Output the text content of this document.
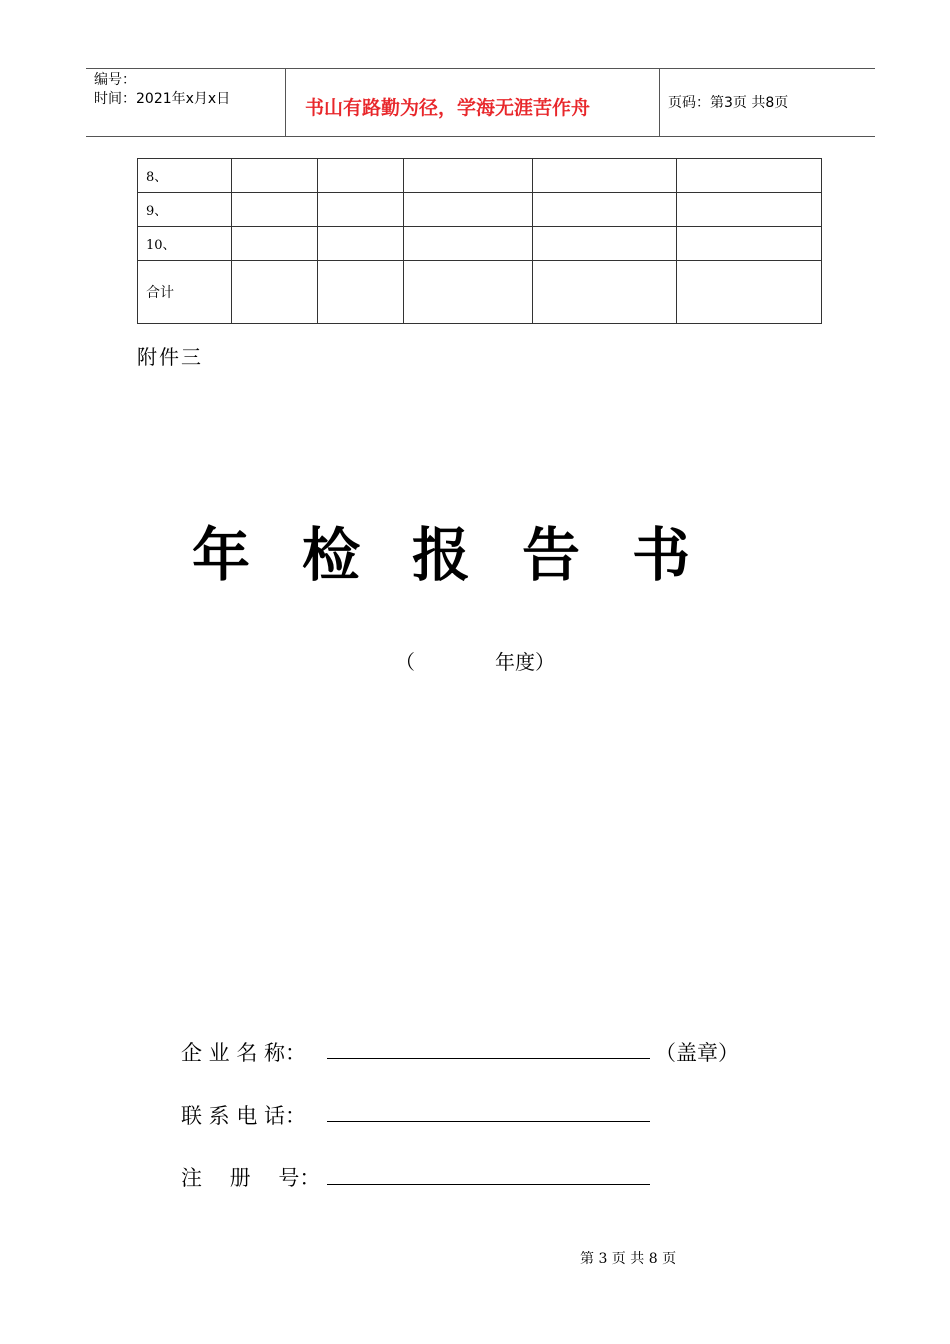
编号：
时间：2021年x月x日	书山有路勤为径，学海无涯苦作舟	页码：第3页 共8页
8、					
9、					
10、					
合计					
附件三
年检报告书
（　　　　年度）
企 业 名 称：	（盖章）
联 系 电 话：
注　 册　 号：
第 3 页 共 8 页
